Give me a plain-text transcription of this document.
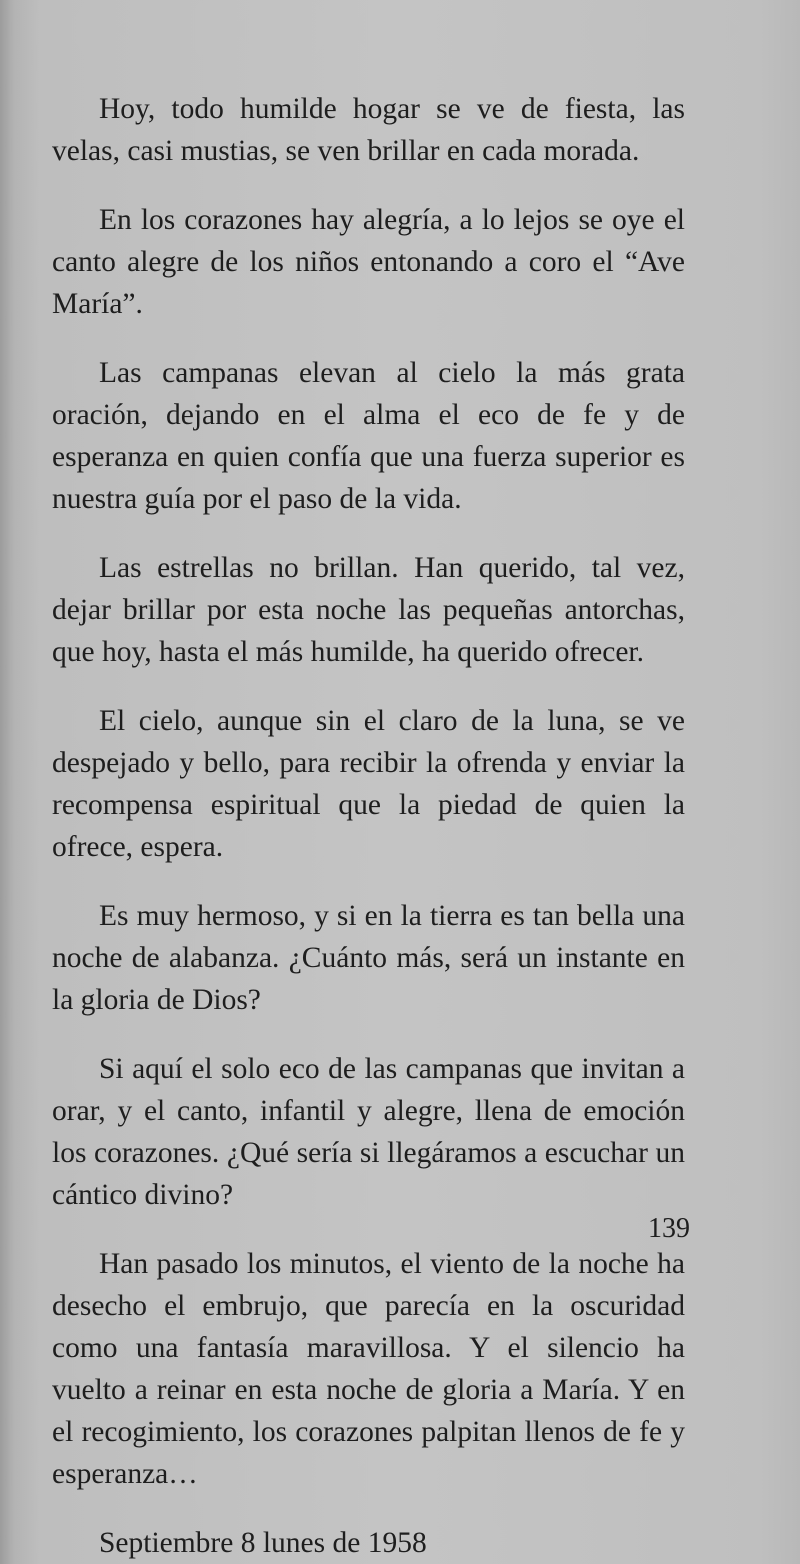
Hoy, todo humilde hogar se ve de fiesta, las velas, casi mustias, se ven brillar en cada morada.

En los corazones hay alegría, a lo lejos se oye el canto alegre de los niños entonando a coro el “Ave María”.

Las campanas elevan al cielo la más grata oración, dejando en el alma el eco de fe y de esperanza en quien confía que una fuerza superior es nuestra guía por el paso de la vida.

Las estrellas no brillan. Han querido, tal vez, dejar brillar por esta noche las pequeñas antorchas, que hoy, hasta el más humilde, ha querido ofrecer.

El cielo, aunque sin el claro de la luna, se ve despejado y bello, para recibir la ofrenda y enviar la recompensa espiritual que la piedad de quien la ofrece, espera.

Es muy hermoso, y si en la tierra es tan bella una noche de alabanza. ¿Cuánto más, será un instante en la gloria de Dios?

Si aquí el solo eco de las campanas que invitan a orar, y el canto, infantil y alegre, llena de emoción los corazones. ¿Qué sería si llegáramos a escuchar un cántico divino?

Han pasado los minutos, el viento de la noche ha desecho el embrujo, que parecía en la oscuridad como una fantasía maravillosa. Y el silencio ha vuelto a reinar en esta noche de gloria a María. Y en el recogimiento, los corazones palpitan llenos de fe y esperanza…

Septiembre 8 lunes de 1958

139
